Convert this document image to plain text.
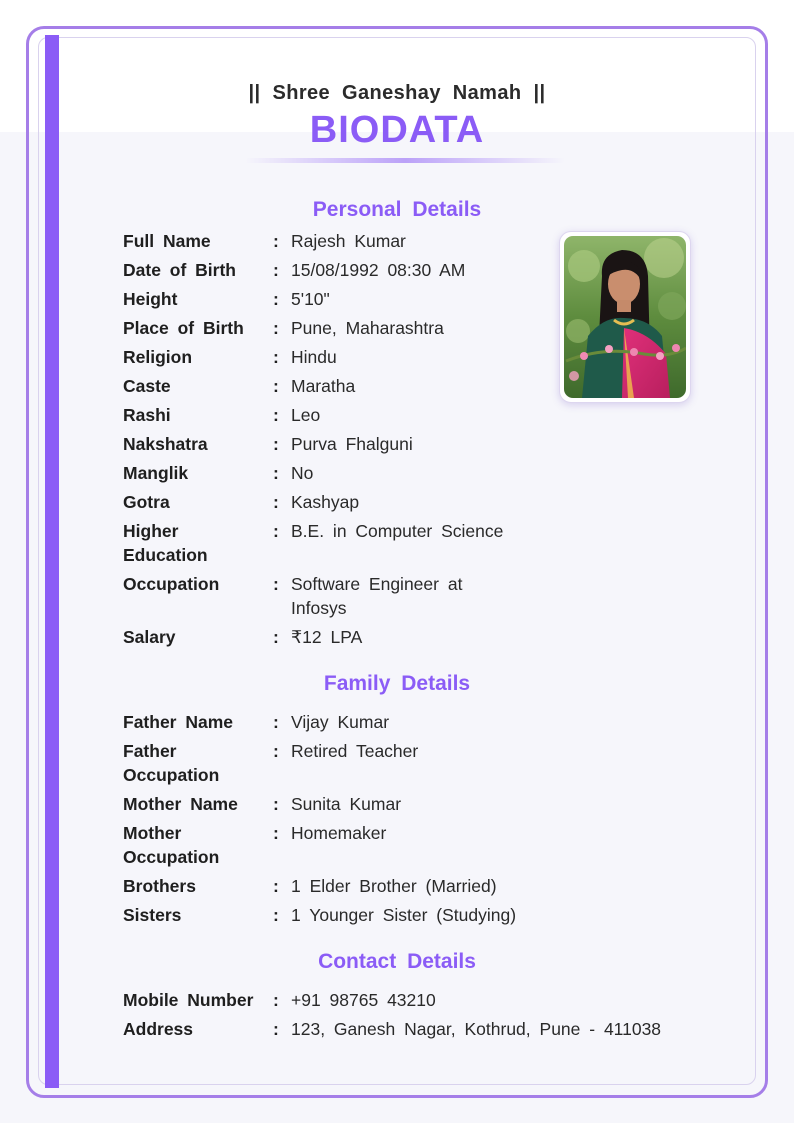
|| Shree Ganeshay Namah ||
BIODATA
Personal Details
Full Name	: Rajesh Kumar
Date of Birth	: 15/08/1992 08:30 AM
Height	: 5'10"
Place of Birth	: Pune, Maharashtra
Religion	: Hindu
Caste	: Maratha
Rashi	: Leo
Nakshatra	: Purva Fhalguni
Manglik	: No
Gotra	: Kashyap
Higher Education
: B.E. in Computer Science
Occupation	: Software Engineer at Infosys
Salary	: ₹12 LPA
Family Details
Father Name	: Vijay Kumar
Father Occupation
: Retired Teacher
Mother Name	: Sunita Kumar
Mother Occupation
: Homemaker
Brothers	: 1 Elder Brother (Married)
Sisters	: 1 Younger Sister (Studying)
Contact Details
Mobile Number	: +91 98765 43210
Address	: 123, Ganesh Nagar, Kothrud, Pune - 411038
